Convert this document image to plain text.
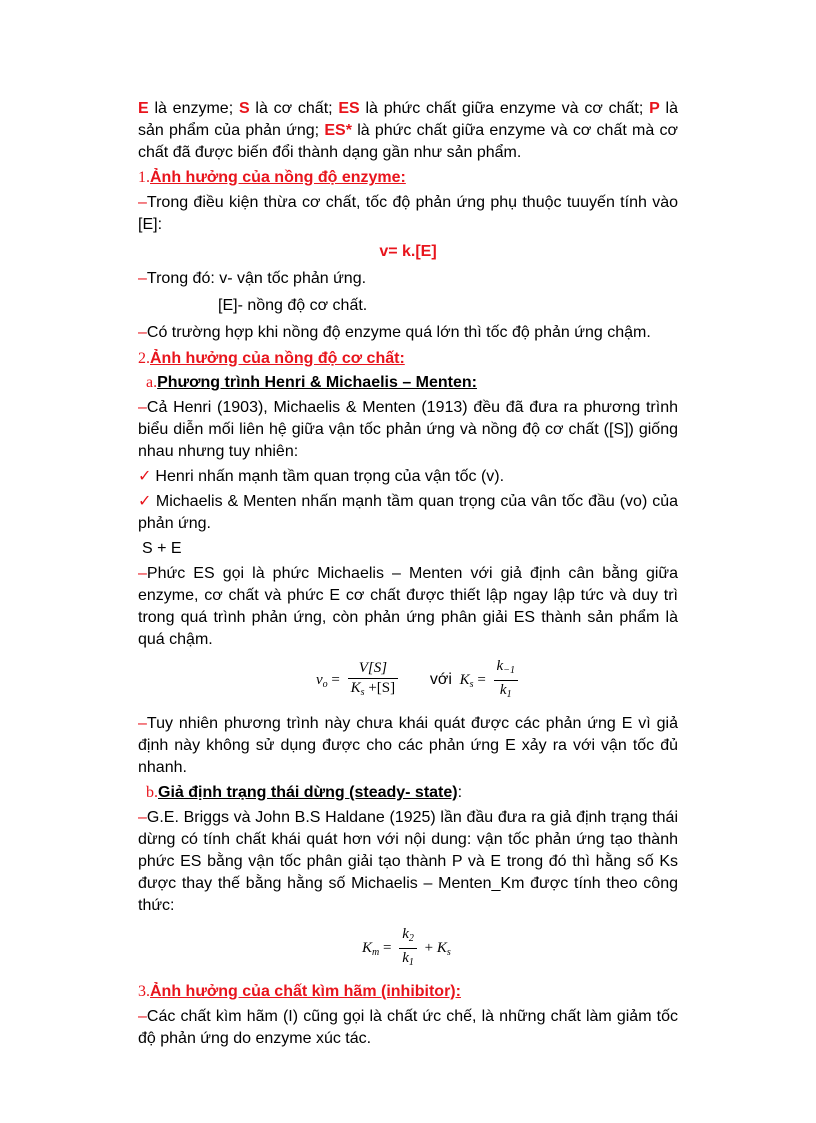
E là enzyme; S là cơ chất; ES là phức chất giữa enzyme và cơ chất; P là sản phẩm của phản ứng; ES* là phức chất giữa enzyme và cơ chất mà cơ chất đã được biến đổi thành dạng gần như sản phẩm.

1.Ảnh hưởng của nồng độ enzyme:

–Trong điều kiện thừa cơ chất, tốc độ phản ứng phụ thuộc tuuyến tính vào [E]:

v= k.[E]

–Trong đó: v- vận tốc phản ứng.

[E]- nồng độ cơ chất.

–Có trường hợp khi nồng độ enzyme quá lớn thì tốc độ phản ứng chậm.

2.Ảnh hưởng của nồng độ cơ chất:

a.Phương trình Henri & Michaelis – Menten:

–Cả Henri (1903), Michaelis & Menten (1913) đều đã đưa ra phương trình biểu diễn mối liên hệ giữa vận tốc phản ứng và nồng độ cơ chất ([S]) giống nhau nhưng tuy nhiên:

✓ Henri nhấn mạnh tầm quan trọng của vận tốc (v).

✓ Michaelis & Menten nhấn mạnh tầm quan trọng của vân tốc đầu (vo) của phản ứng.

S + E

–Phức ES gọi là phức Michaelis – Menten với giả định cân bằng giữa enzyme, cơ chất và phức E cơ chất được thiết lập ngay lập tức và duy trì trong quá trình phản ứng, còn phản ứng phân giải ES thành sản phẩm là quá chậm.

$v_o = \frac{V[S]}{K_s +[S]}$ với $K_s = \frac{k_{-1}}{k_1}$

–Tuy nhiên phương trình này chưa khái quát được các phản ứng E vì giả định này không sử dụng được cho các phản ứng E xảy ra với vận tốc đủ nhanh.

b.Giả định trạng thái dừng (steady- state):

–G.E. Briggs và John B.S Haldane (1925) lần đầu đưa ra giả định trạng thái dừng có tính chất khái quát hơn với nội dung: vận tốc phản ứng tạo thành phức ES bằng vận tốc phân giải tạo thành P và E trong đó thì hằng số Ks được thay thế bằng hằng số Michaelis – Menten_Km được tính theo công thức:

$K_m = \frac{k_2}{k_1} + K_s$

3.Ảnh hưởng của chất kìm hãm (inhibitor):

–Các chất kìm hãm (I) cũng gọi là chất ức chế, là những chất làm giảm tốc độ phản ứng do enzyme xúc tác.
